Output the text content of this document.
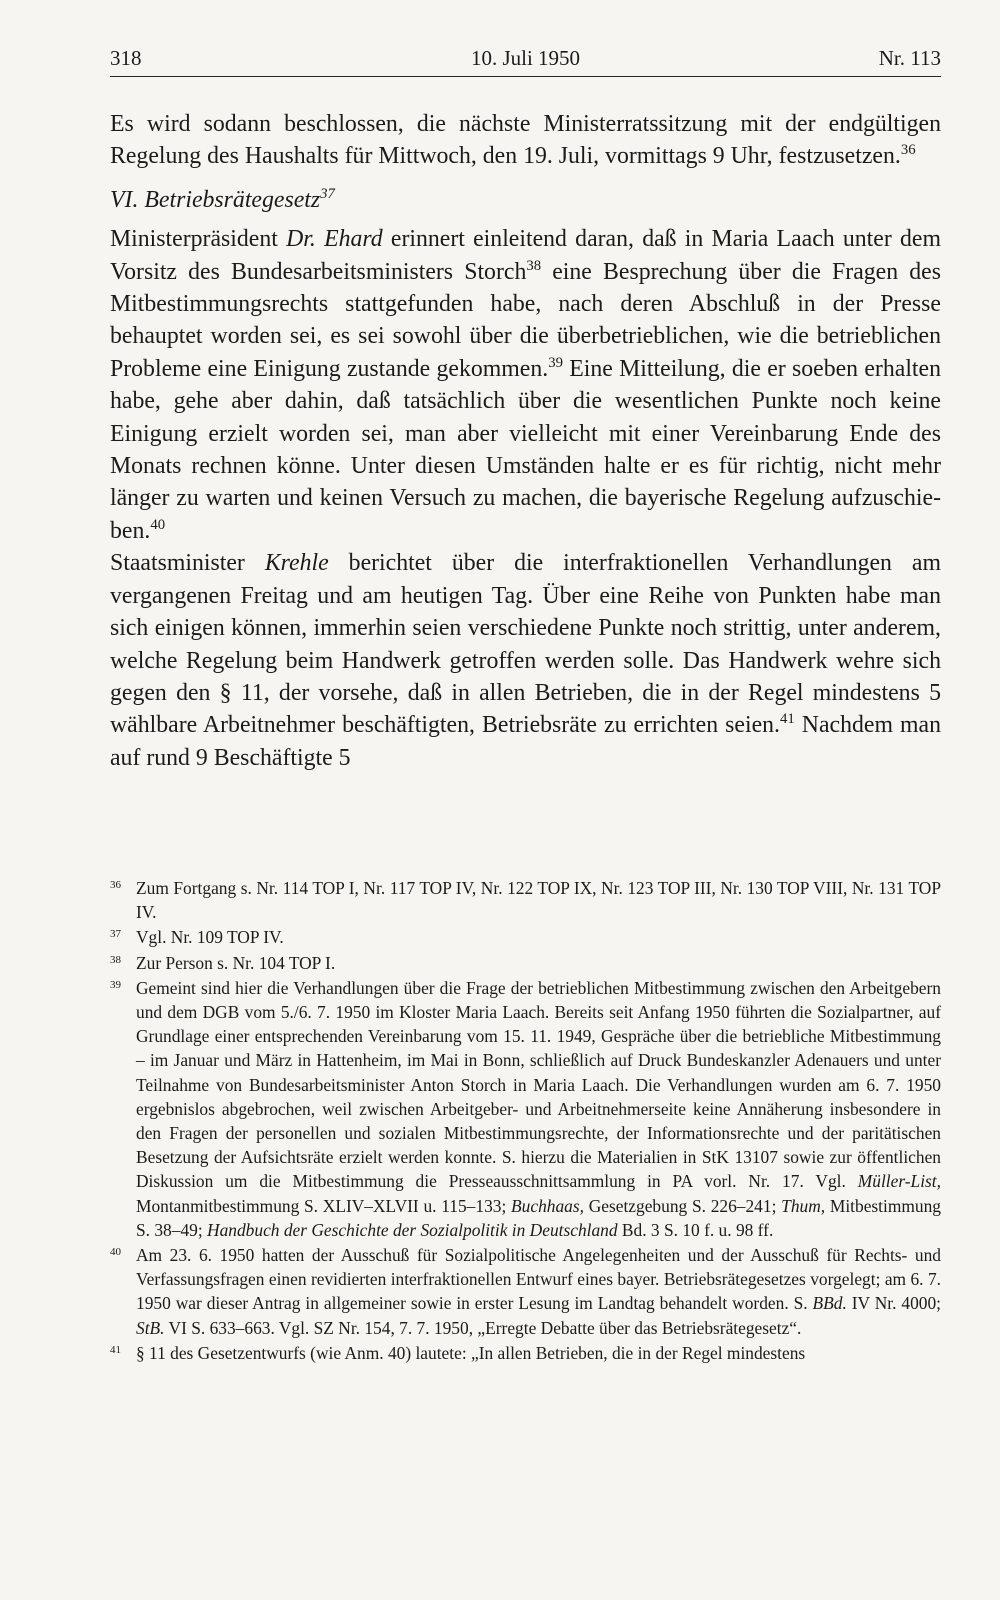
318	10. Juli 1950	Nr. 113

Es wird sodann beschlossen, die nächste Ministerratssitzung mit der endgültigen Regelung des Haushalts für Mittwoch, den 19. Juli, vormittags 9 Uhr, festzusetzen.$^{36}$

VI. Betriebsrätegesetz$^{37}$

Ministerpräsident Dr. Ehard erinnert einleitend daran, daß in Maria Laach unter dem Vorsitz des Bundesarbeitsministers Storch$^{38}$ eine Besprechung über die Fragen des Mitbestimmungsrechts stattgefunden habe, nach deren Abschluß in der Presse behauptet worden sei, es sei sowohl über die überbetrieblichen, wie die betrieblichen Probleme eine Einigung zustande gekommen.$^{39}$ Eine Mitteilung, die er soeben erhalten habe, gehe aber dahin, daß tatsächlich über die wesentlichen Punkte noch keine Einigung erzielt worden sei, man aber vielleicht mit einer Vereinbarung Ende des Monats rechnen könne. Unter diesen Umständen halte er es für richtig, nicht mehr länger zu warten und keinen Versuch zu machen, die bayerische Regelung aufzuschieben.$^{40}$

Staatsminister Krehle berichtet über die interfraktionellen Verhandlungen am vergangenen Freitag und am heutigen Tag. Über eine Reihe von Punkten habe man sich einigen können, immerhin seien verschiedene Punkte noch strittig, unter anderem, welche Regelung beim Handwerk getroffen werden solle. Das Handwerk wehre sich gegen den § 11, der vorsehe, daß in allen Betrieben, die in der Regel mindestens 5 wählbare Arbeitnehmer beschäftigten, Betriebsräte zu errichten seien.$^{41}$ Nachdem man auf rund 9 Beschäftigte 5

36 Zum Fortgang s. Nr. 114 TOP I, Nr. 117 TOP IV, Nr. 122 TOP IX, Nr. 123 TOP III, Nr. 130 TOP VIII, Nr. 131 TOP IV.
37 Vgl. Nr. 109 TOP IV.
38 Zur Person s. Nr. 104 TOP I.
39 Gemeint sind hier die Verhandlungen über die Frage der betrieblichen Mitbestimmung zwischen den Arbeitgebern und dem DGB vom 5./6. 7. 1950 im Kloster Maria Laach. Bereits seit Anfang 1950 führten die Sozialpartner, auf Grundlage einer entsprechenden Vereinbarung vom 15. 11. 1949, Gespräche über die betriebliche Mitbestimmung – im Januar und März in Hattenheim, im Mai in Bonn, schließlich auf Druck Bundeskanzler Adenauers und unter Teilnahme von Bundesarbeitsminister Anton Storch in Maria Laach. Die Verhandlungen wurden am 6. 7. 1950 ergebnislos abgebrochen, weil zwischen Arbeitgeber- und Arbeitnehmerseite keine Annäherung insbesondere in den Fragen der personellen und sozialen Mitbestimmungsrechte, der Informationsrechte und der paritätischen Besetzung der Aufsichtsräte erzielt werden konnte. S. hierzu die Materialien in StK 13107 sowie zur öffentlichen Diskussion um die Mitbestimmung die Presseausschnittsammlung in PA vorl. Nr. 17. Vgl. Müller-List, Montanmitbestimmung S. XLIV–XLVII u. 115–133; Buchhaas, Gesetzgebung S. 226–241; Thum, Mitbestimmung S. 38–49; Handbuch der Geschichte der Sozialpolitik in Deutschland Bd. 3 S. 10 f. u. 98 ff.
40 Am 23. 6. 1950 hatten der Ausschuß für Sozialpolitische Angelegenheiten und der Ausschuß für Rechts- und Verfassungsfragen einen revidierten interfraktionellen Entwurf eines bayer. Betriebsrätegesetzes vorgelegt; am 6. 7. 1950 war dieser Antrag in allgemeiner sowie in erster Lesung im Landtag behandelt worden. S. BBd. IV Nr. 4000; StB. VI S. 633–663. Vgl. SZ Nr. 154, 7. 7. 1950, „Erregte Debatte über das Betriebsrätegesetz“.
41 § 11 des Gesetzentwurfs (wie Anm. 40) lautete: „In allen Betrieben, die in der Regel mindestens
